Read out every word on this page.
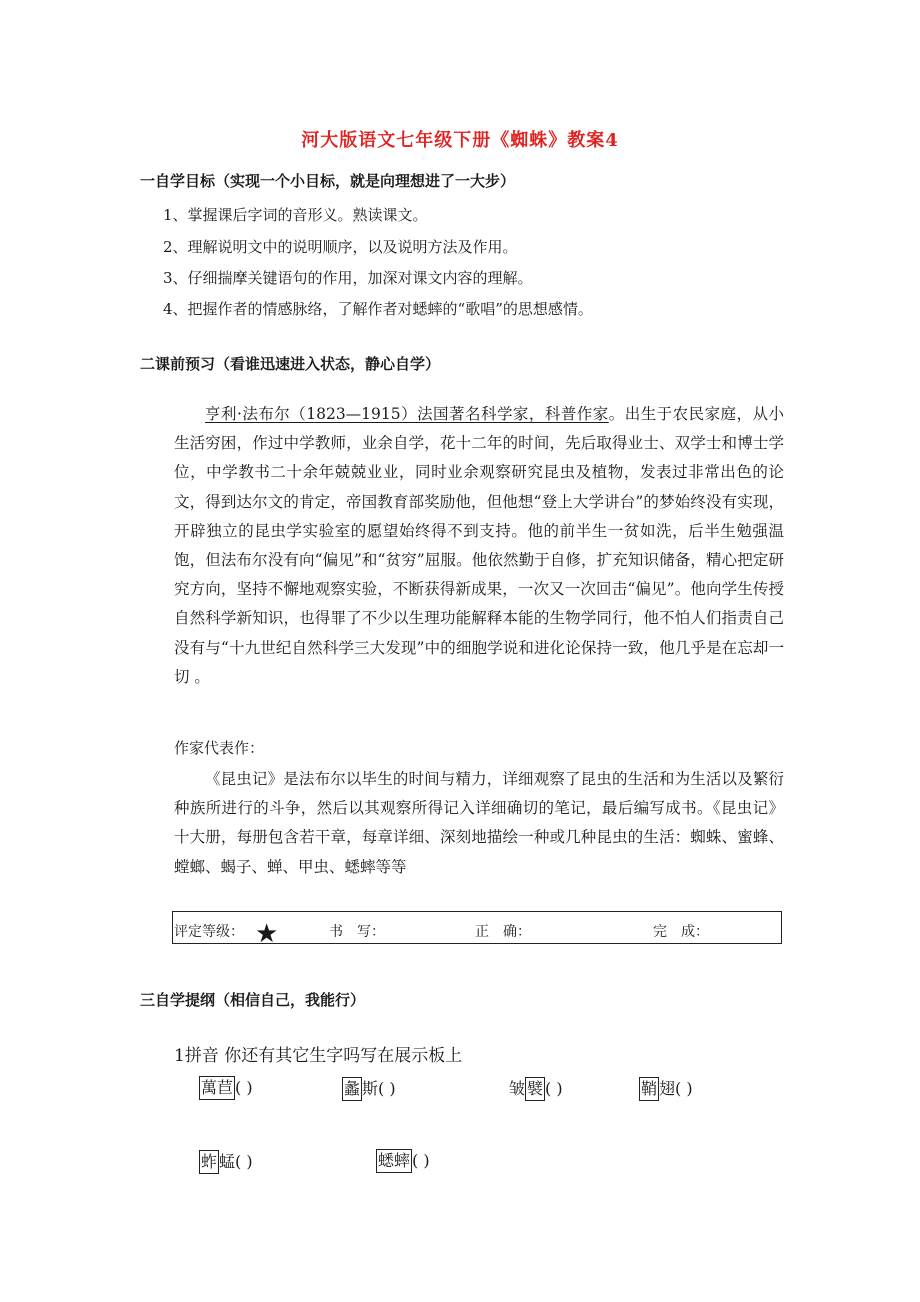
河大版语文七年级下册《蜘蛛》教案4
一自学目标（实现一个小目标，就是向理想进了一大步）
1、掌握课后字词的音形义。熟读课文。
2、理解说明文中的说明顺序，以及说明方法及作用。
3、仔细揣摩关键语句的作用，加深对课文内容的理解。
4、把握作者的情感脉络，了解作者对蟋蟀的“歌唱”的思想感情。
二课前预习（看谁迅速进入状态，静心自学）
亨利·法布尔（1823—1915）法国著名科学家，科普作家。出生于农民家庭，从小生活穷困，作过中学教师，业余自学，花十二年的时间，先后取得业士、双学士和博士学位，中学教书二十余年兢兢业业，同时业余观察研究昆虫及植物，发表过非常出色的论文，得到达尔文的肯定，帝国教育部奖励他，但他想“登上大学讲台”的梦始终没有实现，开辟独立的昆虫学实验室的愿望始终得不到支持。他的前半生一贫如洗，后半生勉强温饱，但法布尔没有向“偏见”和“贫穷”屈服。他依然勤于自修，扩充知识储备，精心把定研究方向，坚持不懈地观察实验，不断获得新成果，一次又一次回击“偏见”。他向学生传授自然科学新知识，也得罪了不少以生理功能解释本能的生物学同行，他不怕人们指责自己没有与“十九世纪自然科学三大发现”中的细胞学说和进化论保持一致，他几乎是在忘却一切 。
作家代表作：
《昆虫记》是法布尔以毕生的时间与精力，详细观察了昆虫的生活和为生活以及繁衍种族所进行的斗争，然后以其观察所得记入详细确切的笔记，最后编写成书。《昆虫记》十大册，每册包含若干章，每章详细、深刻地描绘一种或几种昆虫的生活：蜘蛛、蜜蜂、螳螂、蝎子、蝉、甲虫、蟋蟀等等
评定等级： ★	书　写：	正　确：	完　成：
三自学提纲（相信自己，我能行）
1拼音 你还有其它生字吗写在展示板上
萬苣 ( )	蠡 斯( )	皱 襞 ( )	鞘 翅( )
蚱 蜢( )	蟋蟀 ( )
